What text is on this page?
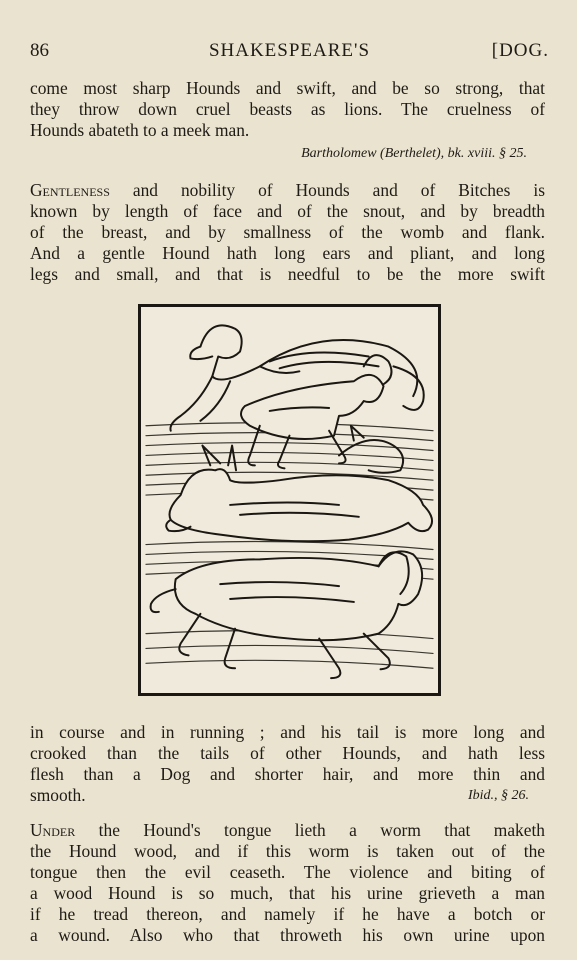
86	SHAKESPEARE'S	[DOG.
come most sharp Hounds and swift, and be so strong, that
they throw down cruel beasts as lions. The cruelness of
Hounds abateth to a meek man.
Bartholomew (Berthelet), bk. xviii. § 25.
Gentleness and nobility of Hounds and of Bitches is
known by length of face and of the snout, and by breadth
of the breast, and by smallness of the womb and flank.
And a gentle Hound hath long ears and pliant, and long
legs and small, and that is needful to be the more swift
in course and in running ; and his tail is more long and
crooked than the tails of other Hounds, and hath less
flesh than a Dog and shorter hair, and more thin and
smooth.	Ibid., § 26.
Under the Hound's tongue lieth a worm that maketh
the Hound wood, and if this worm is taken out of the
tongue then the evil ceaseth. The violence and biting of
a wood Hound is so much, that his urine grieveth a man
if he tread thereon, and namely if he have a botch or
a wound. Also who that throweth his own urine upon
